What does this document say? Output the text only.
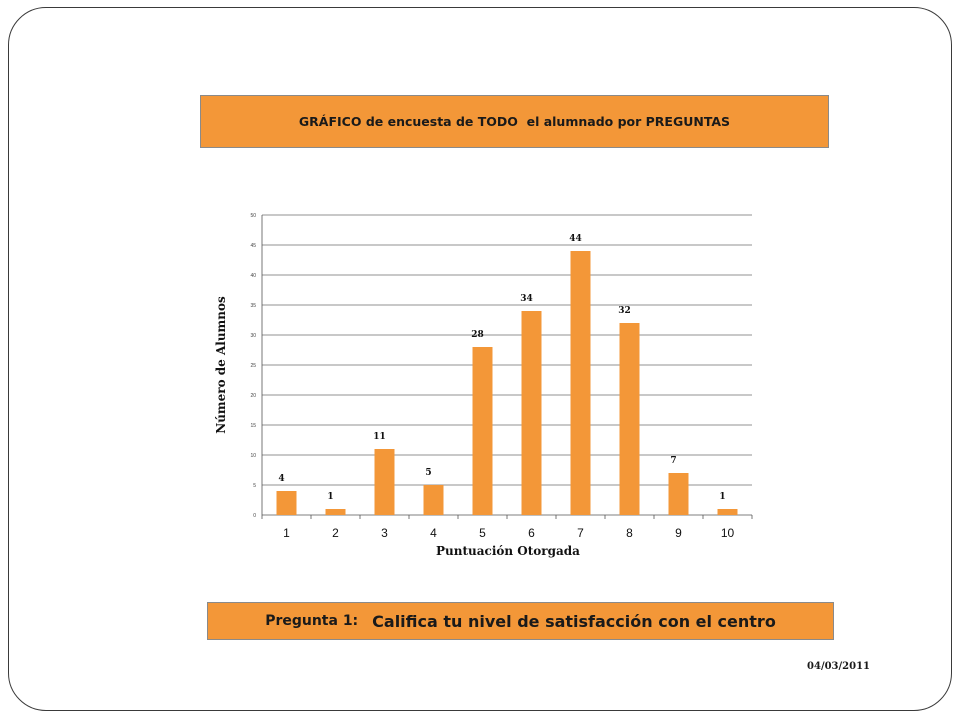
GRÁFICO de encuesta de TODO  el alumnado por PREGUNTAS
0
5
10
15
20
25
30
35
40
45
50
4
1
1
2
11
3
5
4
28
5
34
6
44
7
32
8
7
9
1
10
Puntuación Otorgada
Número de Alumnos
Pregunta 1: Califica tu nivel de satisfacción con el centro
04/03/2011
